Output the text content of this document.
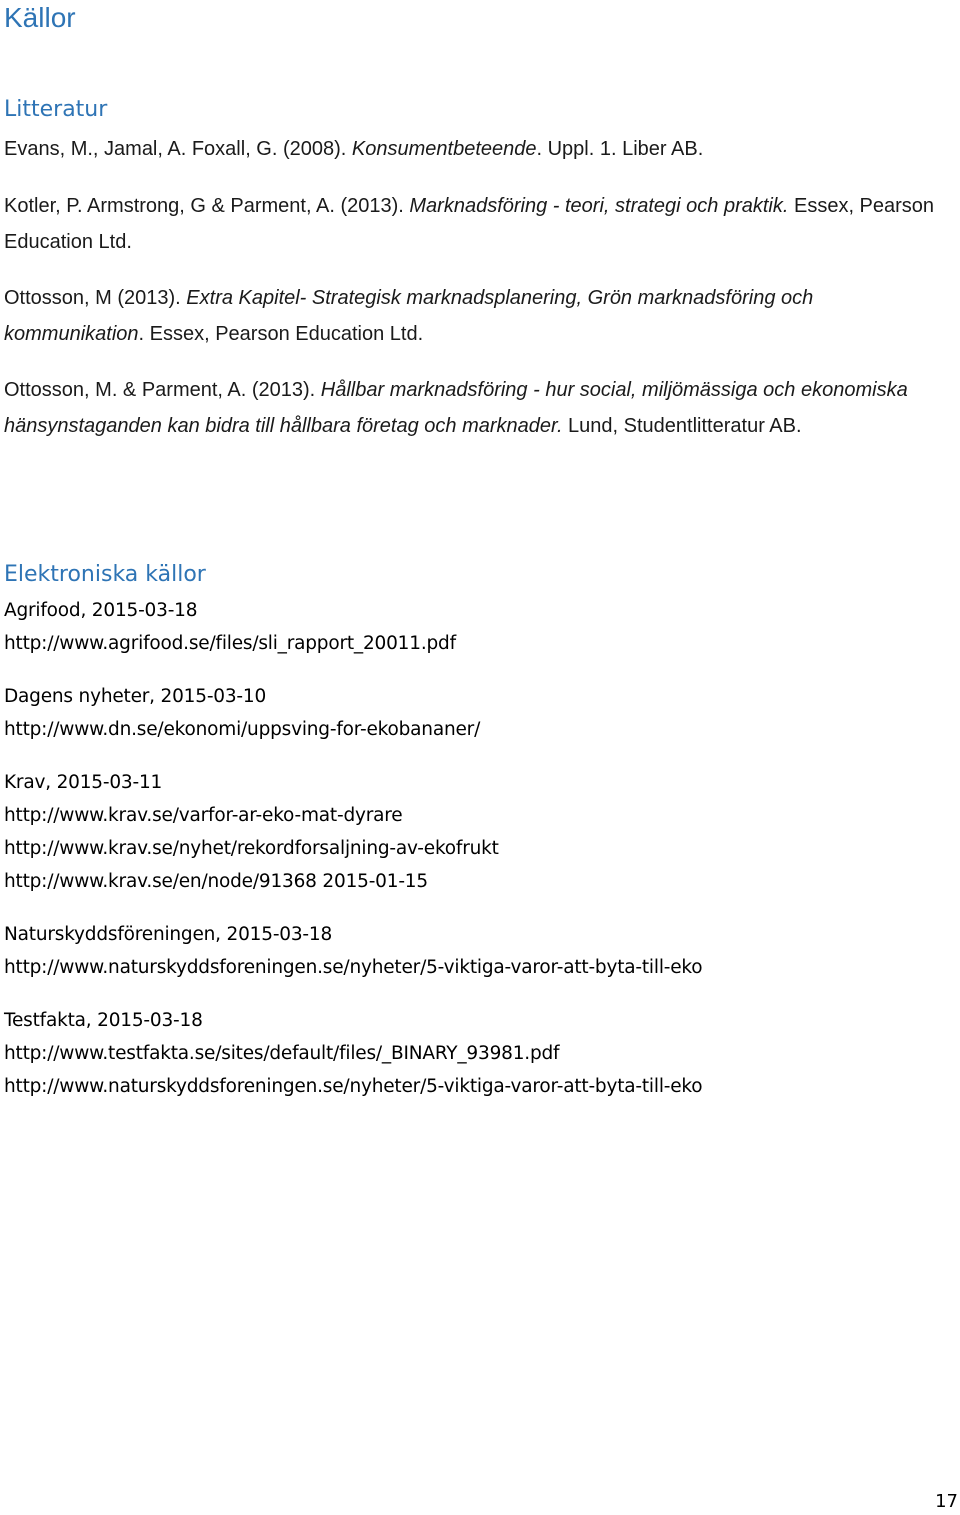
Källor
Litteratur
Evans, M., Jamal, A. Foxall, G. (2008). Konsumentbeteende. Uppl. 1. Liber AB.
Kotler, P. Armstrong, G & Parment, A. (2013). Marknadsföring - teori, strategi och praktik. Essex, Pearson Education Ltd.
Ottosson, M (2013). Extra Kapitel- Strategisk marknadsplanering, Grön marknadsföring och kommunikation. Essex, Pearson Education Ltd.
Ottosson, M. & Parment, A. (2013). Hållbar marknadsföring - hur social, miljömässiga och ekonomiska hänsynstaganden kan bidra till hållbara företag och marknader. Lund, Studentlitteratur AB.
Elektroniska källor
Agrifood, 2015-03-18
http://www.agrifood.se/files/sli_rapport_20011.pdf
Dagens nyheter, 2015-03-10
http://www.dn.se/ekonomi/uppsving-for-ekobananer/
Krav, 2015-03-11
http://www.krav.se/varfor-ar-eko-mat-dyrare
http://www.krav.se/nyhet/rekordforsaljning-av-ekofrukt
http://www.krav.se/en/node/91368 2015-01-15
Naturskyddsföreningen, 2015-03-18
http://www.naturskyddsforeningen.se/nyheter/5-viktiga-varor-att-byta-till-eko
Testfakta, 2015-03-18
http://www.testfakta.se/sites/default/files/_BINARY_93981.pdf
http://www.naturskyddsforeningen.se/nyheter/5-viktiga-varor-att-byta-till-eko
17
